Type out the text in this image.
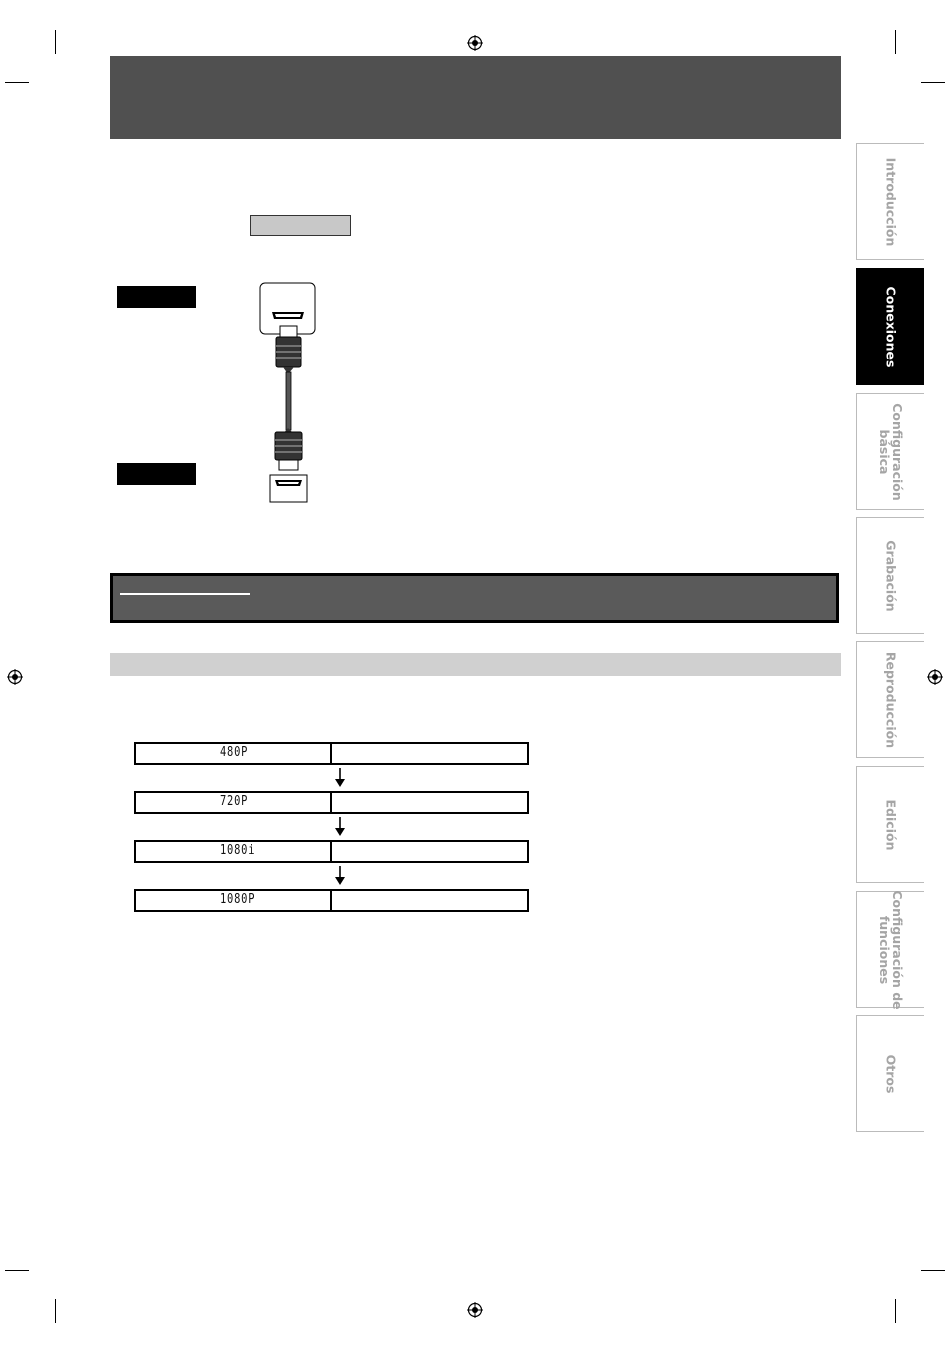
480P
720P
1080i
1080P
Introducción
Conexiones
Configuración
básica
Grabación
Reproducción
Edición
Configuración de
funciones
Otros
